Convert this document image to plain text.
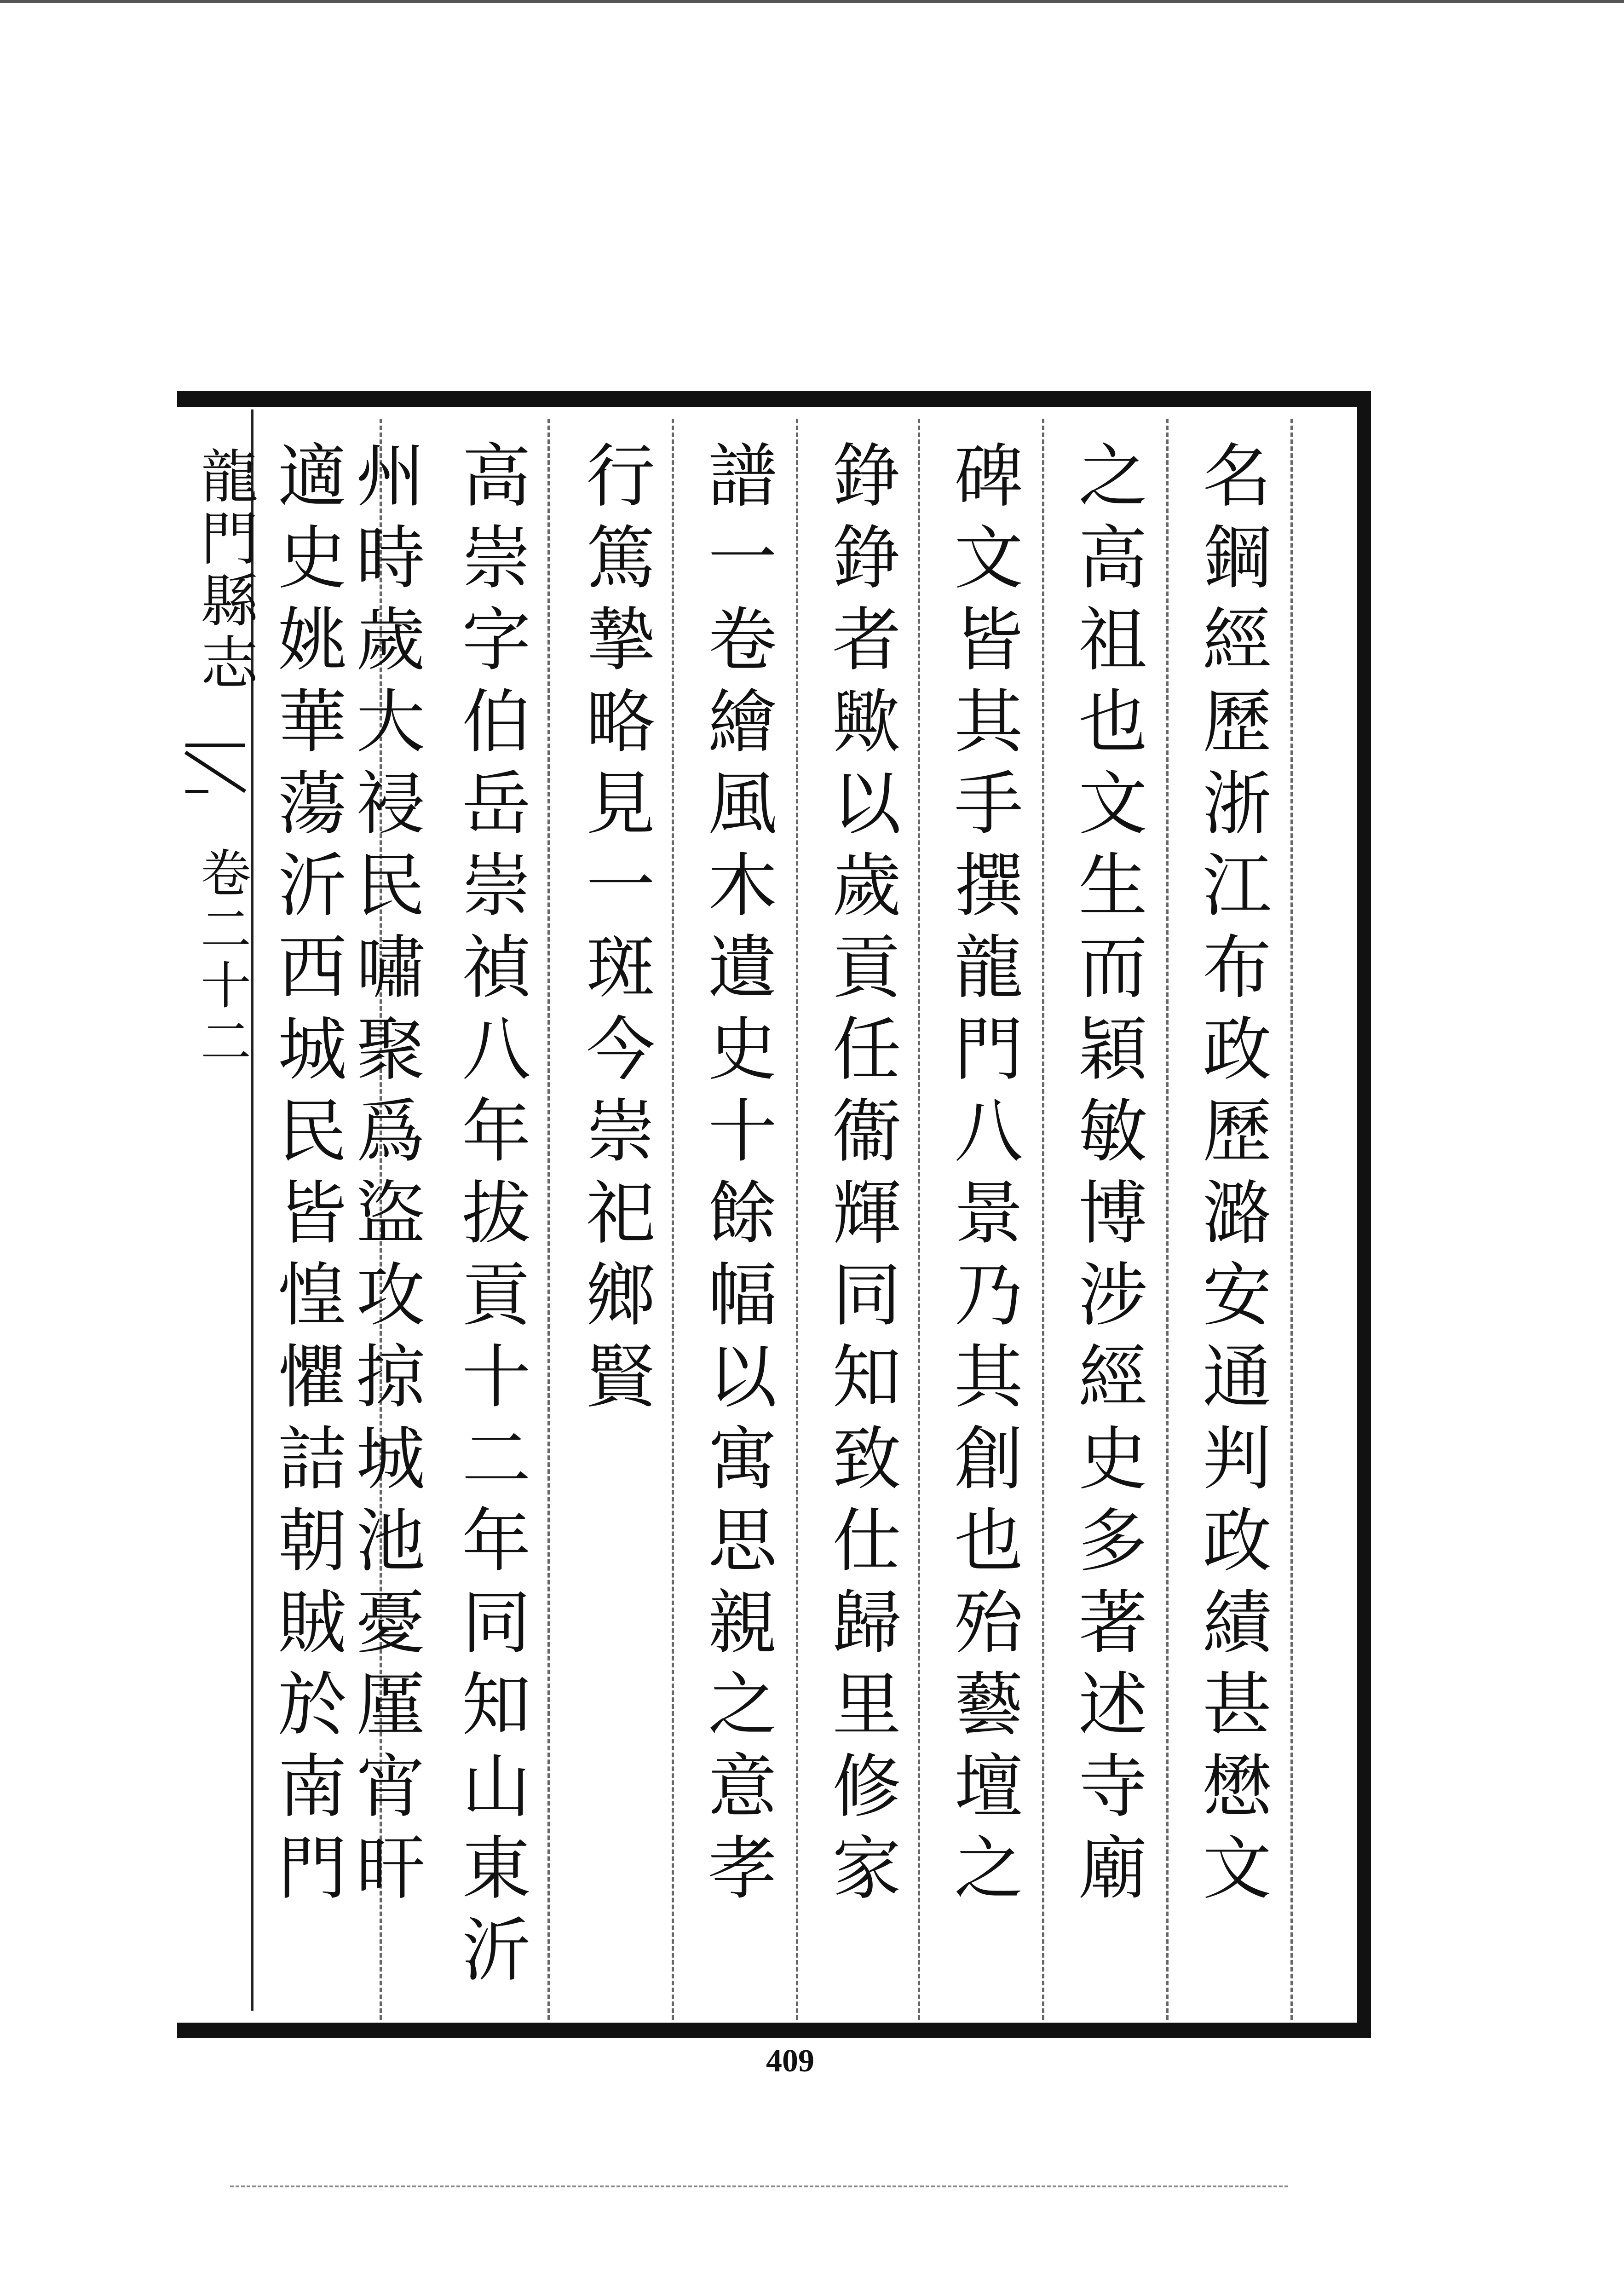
龍門縣志
卷二十二	名鋼經歷浙江布政歷潞安通判政績甚懋文
之高祖也文生而穎敏博涉經史多著述寺廟
碑文皆其手撰龍門八景乃其創也殆藝壇之
錚錚者歟以歲貢任衞輝同知致仕歸里修家
譜一卷繪風木遺史十餘幅以寓思親之意孝
行篤摯略見一斑今崇祀鄉賢
高崇字伯岳崇禎八年拔貢十二年同知山東沂
州時歲大祲民嘯聚爲盜攻掠城池憂厪宵旰
適史姚華蕩沂西城民皆惶懼詰朝賊於南門
409
